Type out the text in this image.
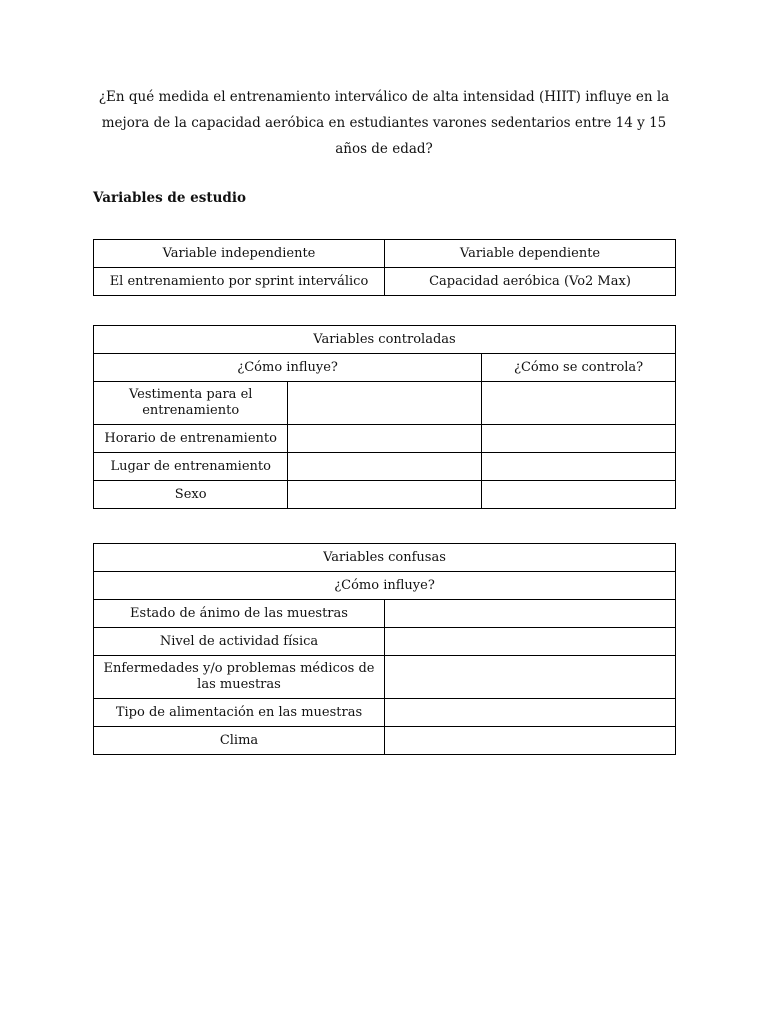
¿En qué medida el entrenamiento interválico de alta intensidad (HIIT) influye en la mejora de la capacidad aeróbica en estudiantes varones sedentarios entre 14 y 15 años de edad?
Variables de estudio
Variable independiente	Variable dependiente
El entrenamiento por sprint interválico	Capacidad aeróbica (Vo2 Max)
Variables controladas		
¿Cómo influye?		¿Cómo se controla?
Vestimenta para el entrenamiento		
Horario de entrenamiento		
Lugar de entrenamiento		
Sexo		
Variables confusas	
¿Cómo influye?	
Estado de ánimo de las muestras	
Nivel de actividad física	
Enfermedades y/o problemas médicos de las muestras	
Tipo de alimentación en las muestras	
Clima	
